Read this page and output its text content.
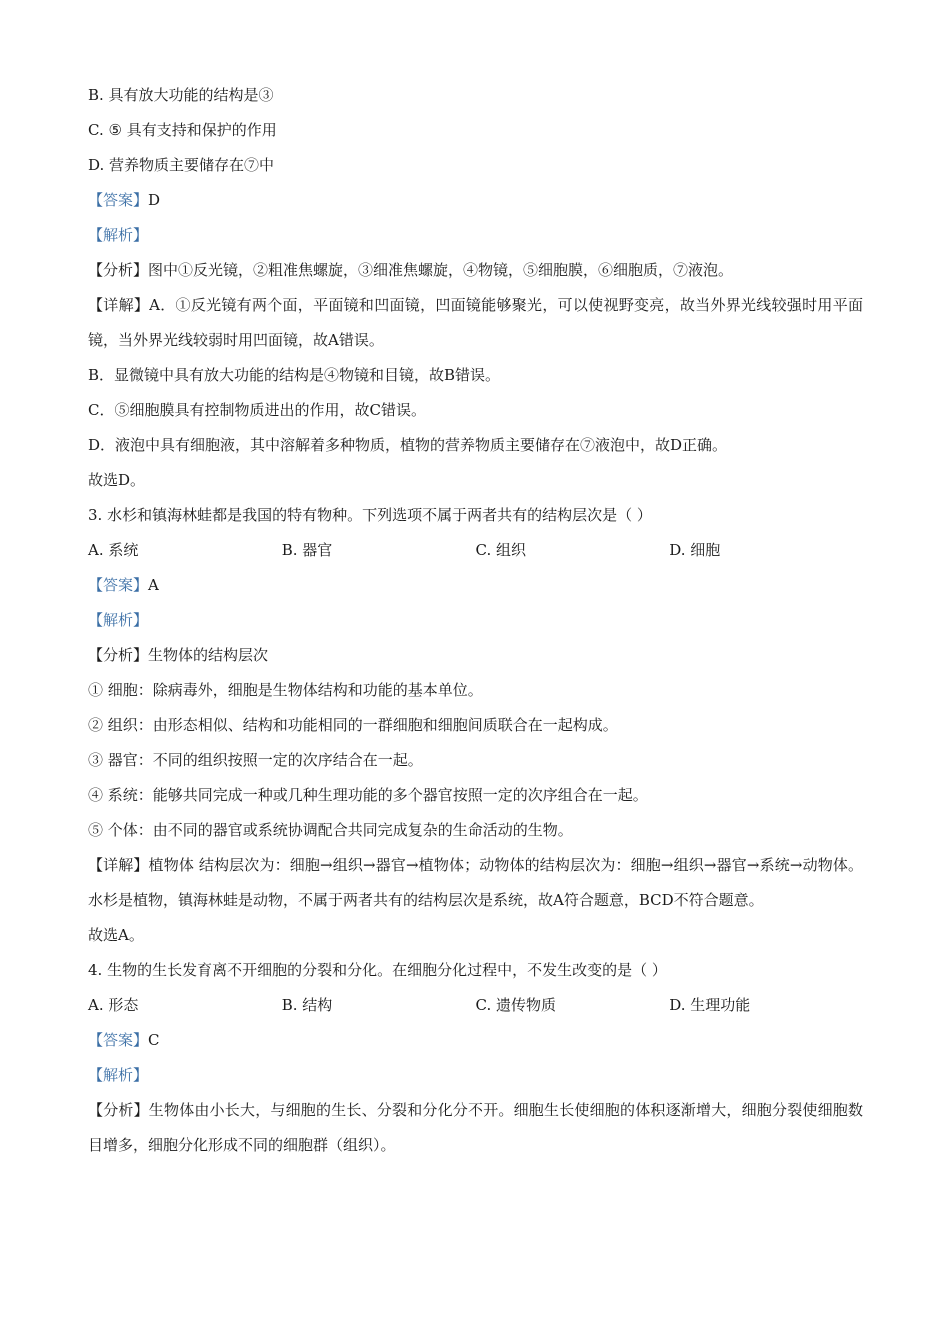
B. 具有放大功能的结构是③
C. ⑤ 具有支持和保护的作用
D. 营养物质主要储存在⑦中
【答案】D
【解析】
【分析】图中①反光镜，②粗准焦螺旋，③细准焦螺旋，④物镜，⑤细胞膜，⑥细胞质，⑦液泡。
【详解】A．①反光镜有两个面，平面镜和凹面镜，凹面镜能够聚光，可以使视野变亮，故当外界光线较强时用平面镜，当外界光线较弱时用凹面镜，故A错误。
B．显微镜中具有放大功能的结构是④物镜和目镜，故B错误。
C．⑤细胞膜具有控制物质进出的作用，故C错误。
D．液泡中具有细胞液，其中溶解着多种物质，植物的营养物质主要储存在⑦液泡中，故D正确。
故选D。
3. 水杉和镇海林蛙都是我国的特有物种。下列选项不属于两者共有的结构层次是（ ）
A. 系统	B. 器官	C. 组织	D. 细胞
【答案】A
【解析】
【分析】生物体的结构层次
① 细胞：除病毒外，细胞是生物体结构和功能的基本单位。
② 组织：由形态相似、结构和功能相同的一群细胞和细胞间质联合在一起构成。
③ 器官：不同的组织按照一定的次序结合在一起。
④ 系统：能够共同完成一种或几种生理功能的多个器官按照一定的次序组合在一起。
⑤ 个体：由不同的器官或系统协调配合共同完成复杂的生命活动的生物。
【详解】植物体 结构层次为：细胞→组织→器官→植物体；动物体的结构层次为：细胞→组织→器官→系统→动物体。水杉是植物，镇海林蛙是动物，不属于两者共有的结构层次是系统，故A符合题意，BCD不符合题意。
故选A。
4. 生物的生长发育离不开细胞的分裂和分化。在细胞分化过程中，不发生改变的是（ ）
A. 形态	B. 结构	C. 遗传物质	D. 生理功能
【答案】C
【解析】
【分析】生物体由小长大，与细胞的生长、分裂和分化分不开。细胞生长使细胞的体积逐渐增大，细胞分裂使细胞数目增多，细胞分化形成不同的细胞群（组织）。
